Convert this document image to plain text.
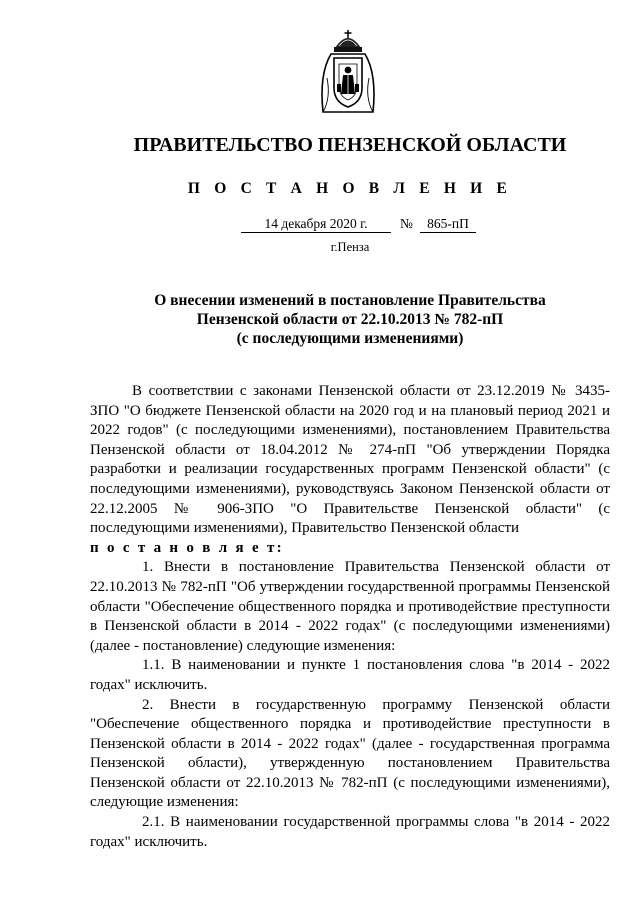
ПРАВИТЕЛЬСТВО ПЕНЗЕНСКОЙ ОБЛАСТИ
П О С Т А Н О В Л Е Н И Е
14 декабря 2020 г.	№	865-пП
г.Пенза
О внесении изменений в постановление Правительства
Пензенской области от 22.10.2013 № 782-пП
(с последующими изменениями)

В соответствии с законами Пензенской области от 23.12.2019 № 3435-ЗПО "О бюджете Пензенской области на 2020 год и на плановый период 2021 и 2022 годов" (с последующими изменениями), постановлением Правительства Пензенской области от 18.04.2012 № 274-пП "Об утверждении Порядка разработки и реализации государственных программ Пензенской области" (с последующими изменениями), руководствуясь Законом Пензенской области от 22.12.2005 № 906-ЗПО "О Правительстве Пензенской области" (с последующими изменениями), Правительство Пензенской области

п о с т а н о в л я е т:

1. Внести в постановление Правительства Пензенской области от 22.10.2013 № 782-пП "Об утверждении государственной программы Пензенской области "Обеспечение общественного порядка и противодействие преступности в Пензенской области в 2014 - 2022 годах" (с последующими изменениями) (далее - постановление) следующие изменения:

1.1. В наименовании и пункте 1 постановления слова "в 2014 - 2022 годах" исключить.

2. Внести в государственную программу Пензенской области "Обеспечение общественного порядка и противодействие преступности в Пензенской области в 2014 - 2022 годах" (далее - государственная программа Пензенской области), утвержденную постановлением Правительства Пензенской области от 22.10.2013 № 782-пП (с последующими изменениями), следующие изменения:

2.1. В наименовании государственной программы слова "в 2014 - 2022 годах" исключить.
